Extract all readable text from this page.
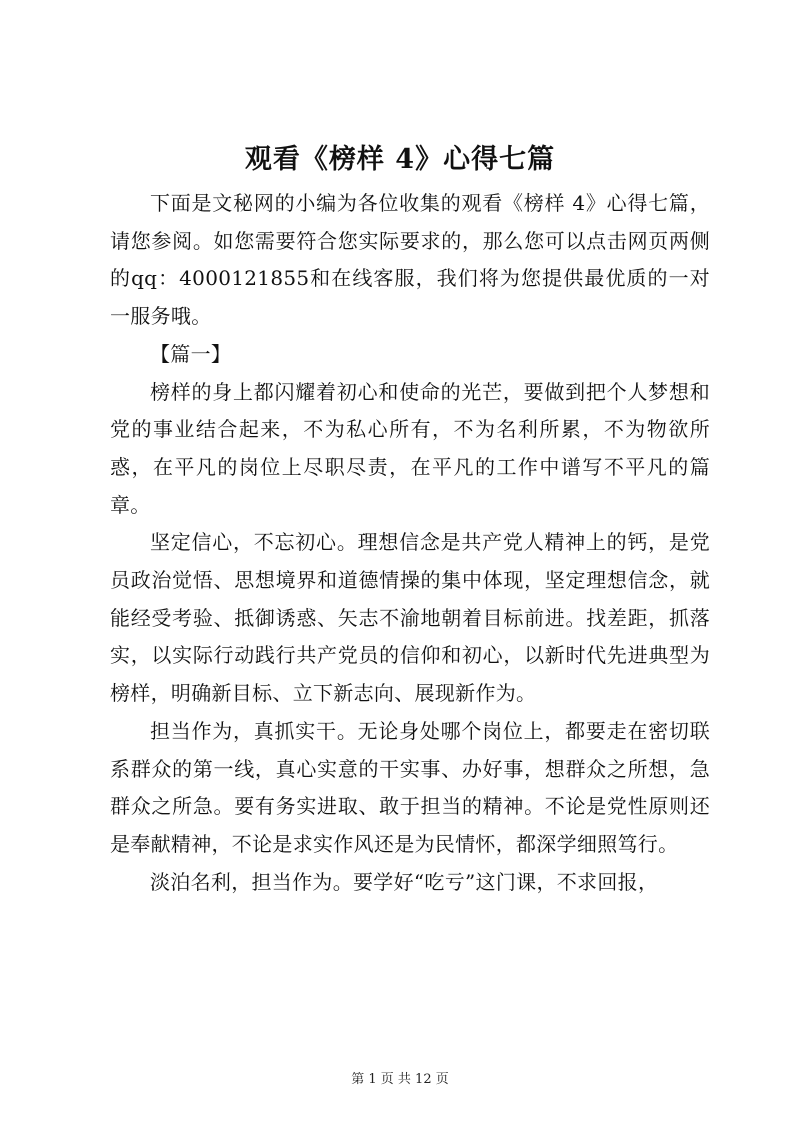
观看《榜样 4》心得七篇

下面是文秘网的小编为各位收集的观看《榜样 4》心得七篇，请您参阅。如您需要符合您实际要求的，那么您可以点击网页两侧的qq：4000121855和在线客服，我们将为您提供最优质的一对一服务哦。

【篇一】

榜样的身上都闪耀着初心和使命的光芒，要做到把个人梦想和党的事业结合起来，不为私心所有，不为名利所累，不为物欲所惑，在平凡的岗位上尽职尽责，在平凡的工作中谱写不平凡的篇章。

坚定信心，不忘初心。理想信念是共产党人精神上的钙，是党员政治觉悟、思想境界和道德情操的集中体现，坚定理想信念，就能经受考验、抵御诱惑、矢志不渝地朝着目标前进。找差距，抓落实，以实际行动践行共产党员的信仰和初心，以新时代先进典型为榜样，明确新目标、立下新志向、展现新作为。

担当作为，真抓实干。无论身处哪个岗位上，都要走在密切联系群众的第一线，真心实意的干实事、办好事，想群众之所想，急群众之所急。要有务实进取、敢于担当的精神。不论是党性原则还是奉献精神，不论是求实作风还是为民情怀，都深学细照笃行。

淡泊名利，担当作为。要学好“吃亏”这门课，不求回报，

第 1 页 共 12 页
